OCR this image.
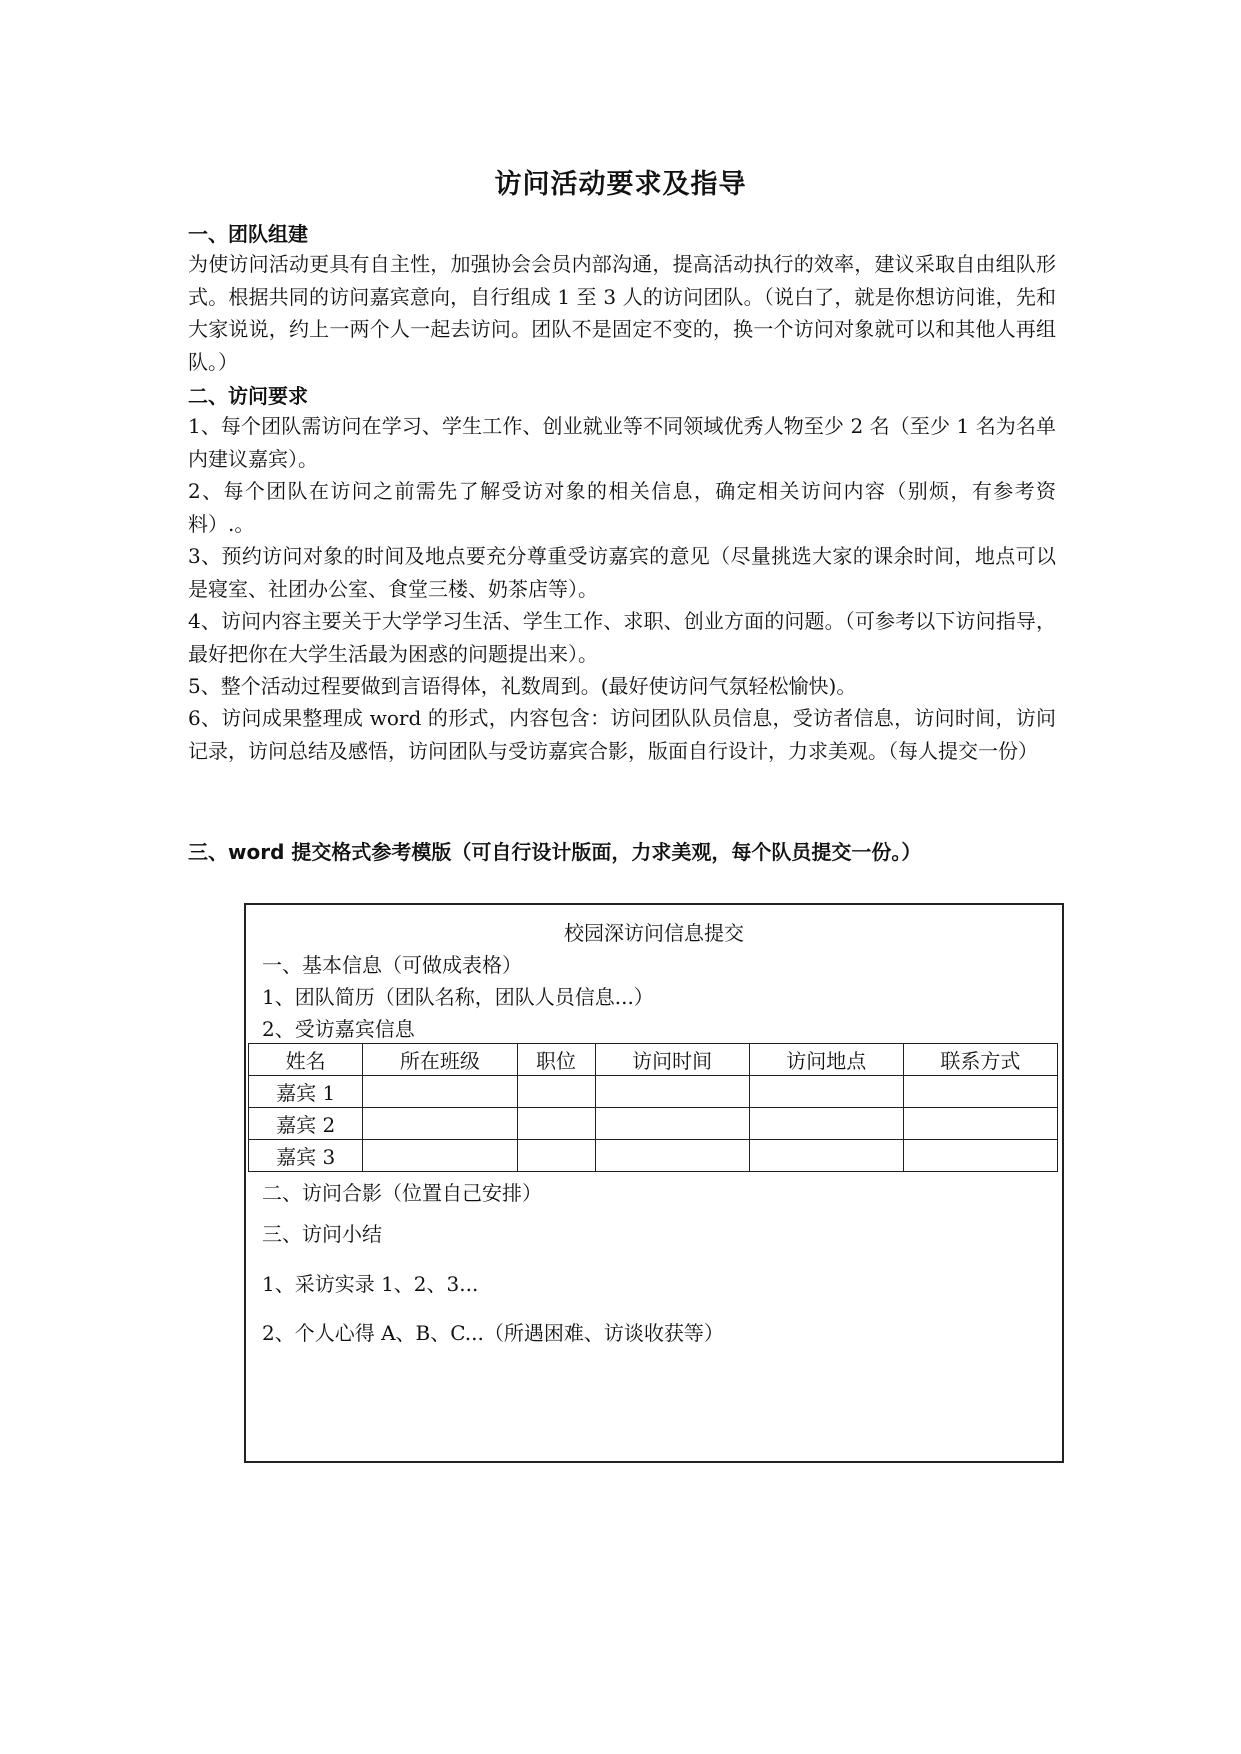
访问活动要求及指导
一、团队组建
为使访问活动更具有自主性，加强协会会员内部沟通，提高活动执行的效率，建议采取自由组队形式。根据共同的访问嘉宾意向，自行组成 1 至 3 人的访问团队。（说白了，就是你想访问谁，先和大家说说，约上一两个人一起去访问。团队不是固定不变的，换一个访问对象就可以和其他人再组队。）
二、访问要求
1、每个团队需访问在学习、学生工作、创业就业等不同领域优秀人物至少 2 名（至少 1 名为名单内建议嘉宾）。
2、每个团队在访问之前需先了解受访对象的相关信息，确定相关访问内容（别烦，有参考资料）.。
3、预约访问对象的时间及地点要充分尊重受访嘉宾的意见（尽量挑选大家的课余时间，地点可以是寝室、社团办公室、食堂三楼、奶茶店等）。
4、访问内容主要关于大学学习生活、学生工作、求职、创业方面的问题。（可参考以下访问指导，最好把你在大学生活最为困惑的问题提出来）。
5、整个活动过程要做到言语得体，礼数周到。(最好使访问气氛轻松愉快)。
6、访问成果整理成 word 的形式，内容包含：访问团队队员信息，受访者信息，访问时间，访问记录，访问总结及感悟，访问团队与受访嘉宾合影，版面自行设计，力求美观。（每人提交一份）
三、word 提交格式参考模版（可自行设计版面，力求美观，每个队员提交一份。）
校园深访问信息提交
一、基本信息（可做成表格）
1、团队简历（团队名称，团队人员信息...）
2、受访嘉宾信息
姓名	所在班级	职位	访问时间	访问地点	联系方式
嘉宾 1					
嘉宾 2					
嘉宾 3					
二、访问合影（位置自己安排）
三、访问小结
1、采访实录 1、2、3...
2、个人心得 A、B、C...（所遇困难、访谈收获等）
